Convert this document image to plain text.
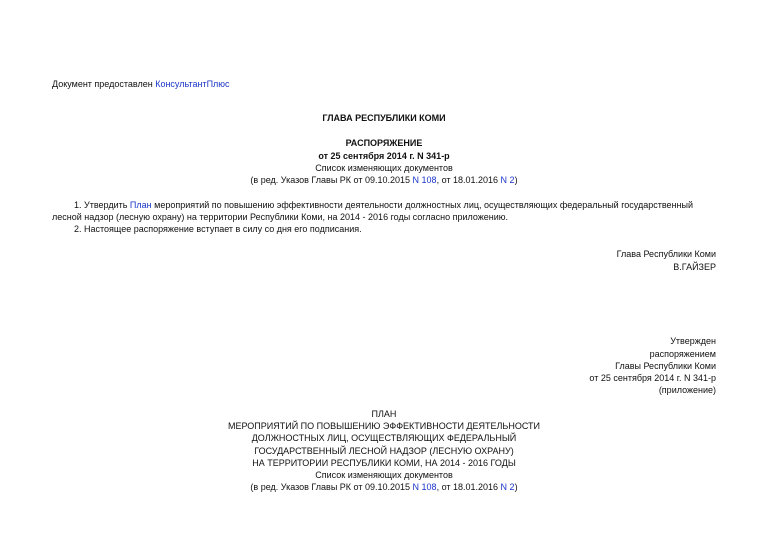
Документ предоставлен КонсультантПлюс
ГЛАВА РЕСПУБЛИКИ КОМИ
РАСПОРЯЖЕНИЕ
от 25 сентября 2014 г. N 341-р
Список изменяющих документов
(в ред. Указов Главы РК от 09.10.2015 N 108, от 18.01.2016 N 2)
1. Утвердить План мероприятий по повышению эффективности деятельности должностных лиц, осуществляющих федеральный государственный
лесной надзор (лесную охрану) на территории Республики Коми, на 2014 - 2016 годы согласно приложению.
2. Настоящее распоряжение вступает в силу со дня его подписания.
Глава Республики Коми
В.ГАЙЗЕР
Утвержден
распоряжением
Главы Республики Коми
от 25 сентября 2014 г. N 341-р
(приложение)
ПЛАН
МЕРОПРИЯТИЙ ПО ПОВЫШЕНИЮ ЭФФЕКТИВНОСТИ ДЕЯТЕЛЬНОСТИ
ДОЛЖНОСТНЫХ ЛИЦ, ОСУЩЕСТВЛЯЮЩИХ ФЕДЕРАЛЬНЫЙ
ГОСУДАРСТВЕННЫЙ ЛЕСНОЙ НАДЗОР (ЛЕСНУЮ ОХРАНУ)
НА ТЕРРИТОРИИ РЕСПУБЛИКИ КОМИ, НА 2014 - 2016 ГОДЫ
Список изменяющих документов
(в ред. Указов Главы РК от 09.10.2015 N 108, от 18.01.2016 N 2)
